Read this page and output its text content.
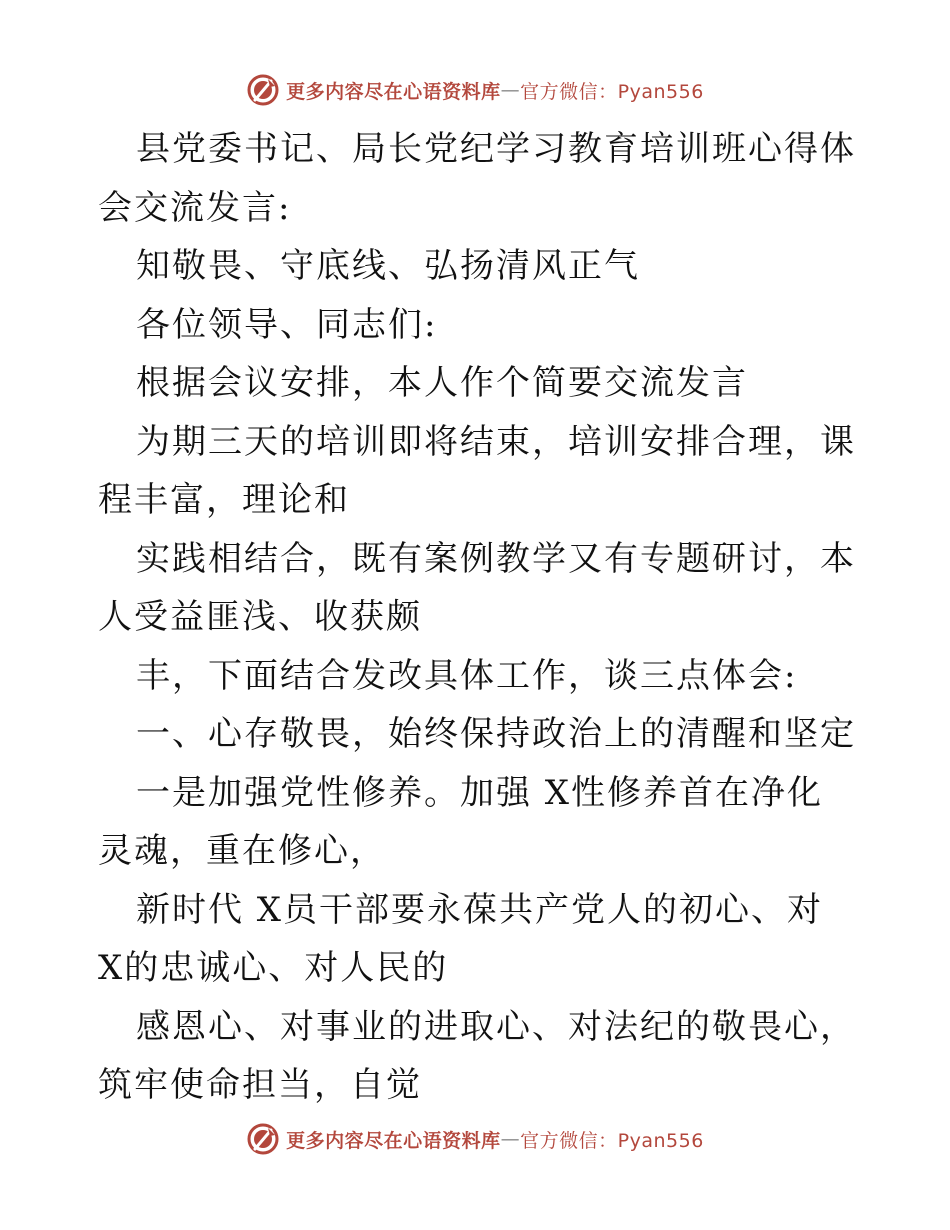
更多内容尽在心语资料库 — 官方微信：Pyan556

县党委书记、局长党纪学习教育培训班心得体会交流发言:

知敬畏、守底线、弘扬清风正气

各位领导、同志们:

根据会议安排，本人作个简要交流发言

为期三天的培训即将结束，培训安排合理，课程丰富，理论和

实践相结合，既有案例教学又有专题研讨，本人受益匪浅、收获颇

丰，下面结合发改具体工作，谈三点体会:

一、心存敬畏，始终保持政治上的清醒和坚定

一是加强党性修养。加强 X性修养首在净化灵魂，重在修心，

新时代 X员干部要永葆共产党人的初心、对 X的忠诚心、对人民的

感恩心、对事业的进取心、对法纪的敬畏心，筑牢使命担当，自觉

更多内容尽在心语资料库 — 官方微信：Pyan556
